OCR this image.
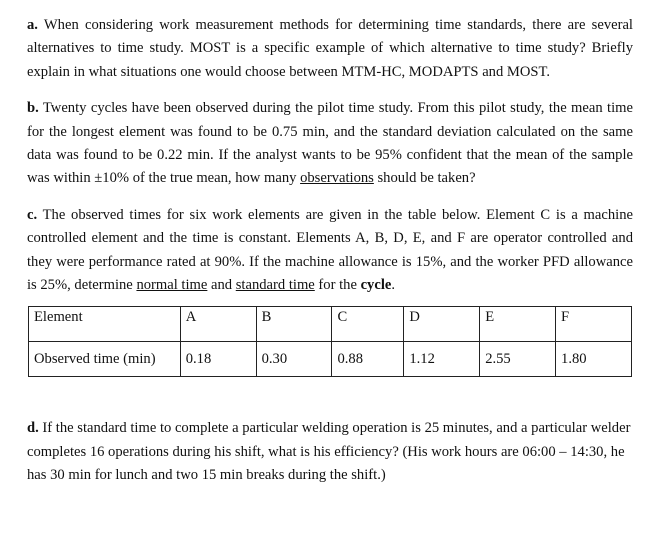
a. When considering work measurement methods for determining time standards, there are several alternatives to time study. MOST is a specific example of which alternative to time study? Briefly explain in what situations one would choose between MTM-HC, MODAPTS and MOST.

b. Twenty cycles have been observed during the pilot time study. From this pilot study, the mean time for the longest element was found to be 0.75 min, and the standard deviation calculated on the same data was found to be 0.22 min. If the analyst wants to be 95% confident that the mean of the sample was within ±10% of the true mean, how many observations should be taken?

c. The observed times for six work elements are given in the table below. Element C is a machine controlled element and the time is constant. Elements A, B, D, E, and F are operator controlled and they were performance rated at 90%. If the machine allowance is 15%, and the worker PFD allowance is 25%, determine normal time and standard time for the cycle.

Element	A	B	C	D	E	F
Observed time (min)	0.18	0.30	0.88	1.12	2.55	1.80

d. If the standard time to complete a particular welding operation is 25 minutes, and a particular welder completes 16 operations during his shift, what is his efficiency? (His work hours are 06:00 – 14:30, he has 30 min for lunch and two 15 min breaks during the shift.)
